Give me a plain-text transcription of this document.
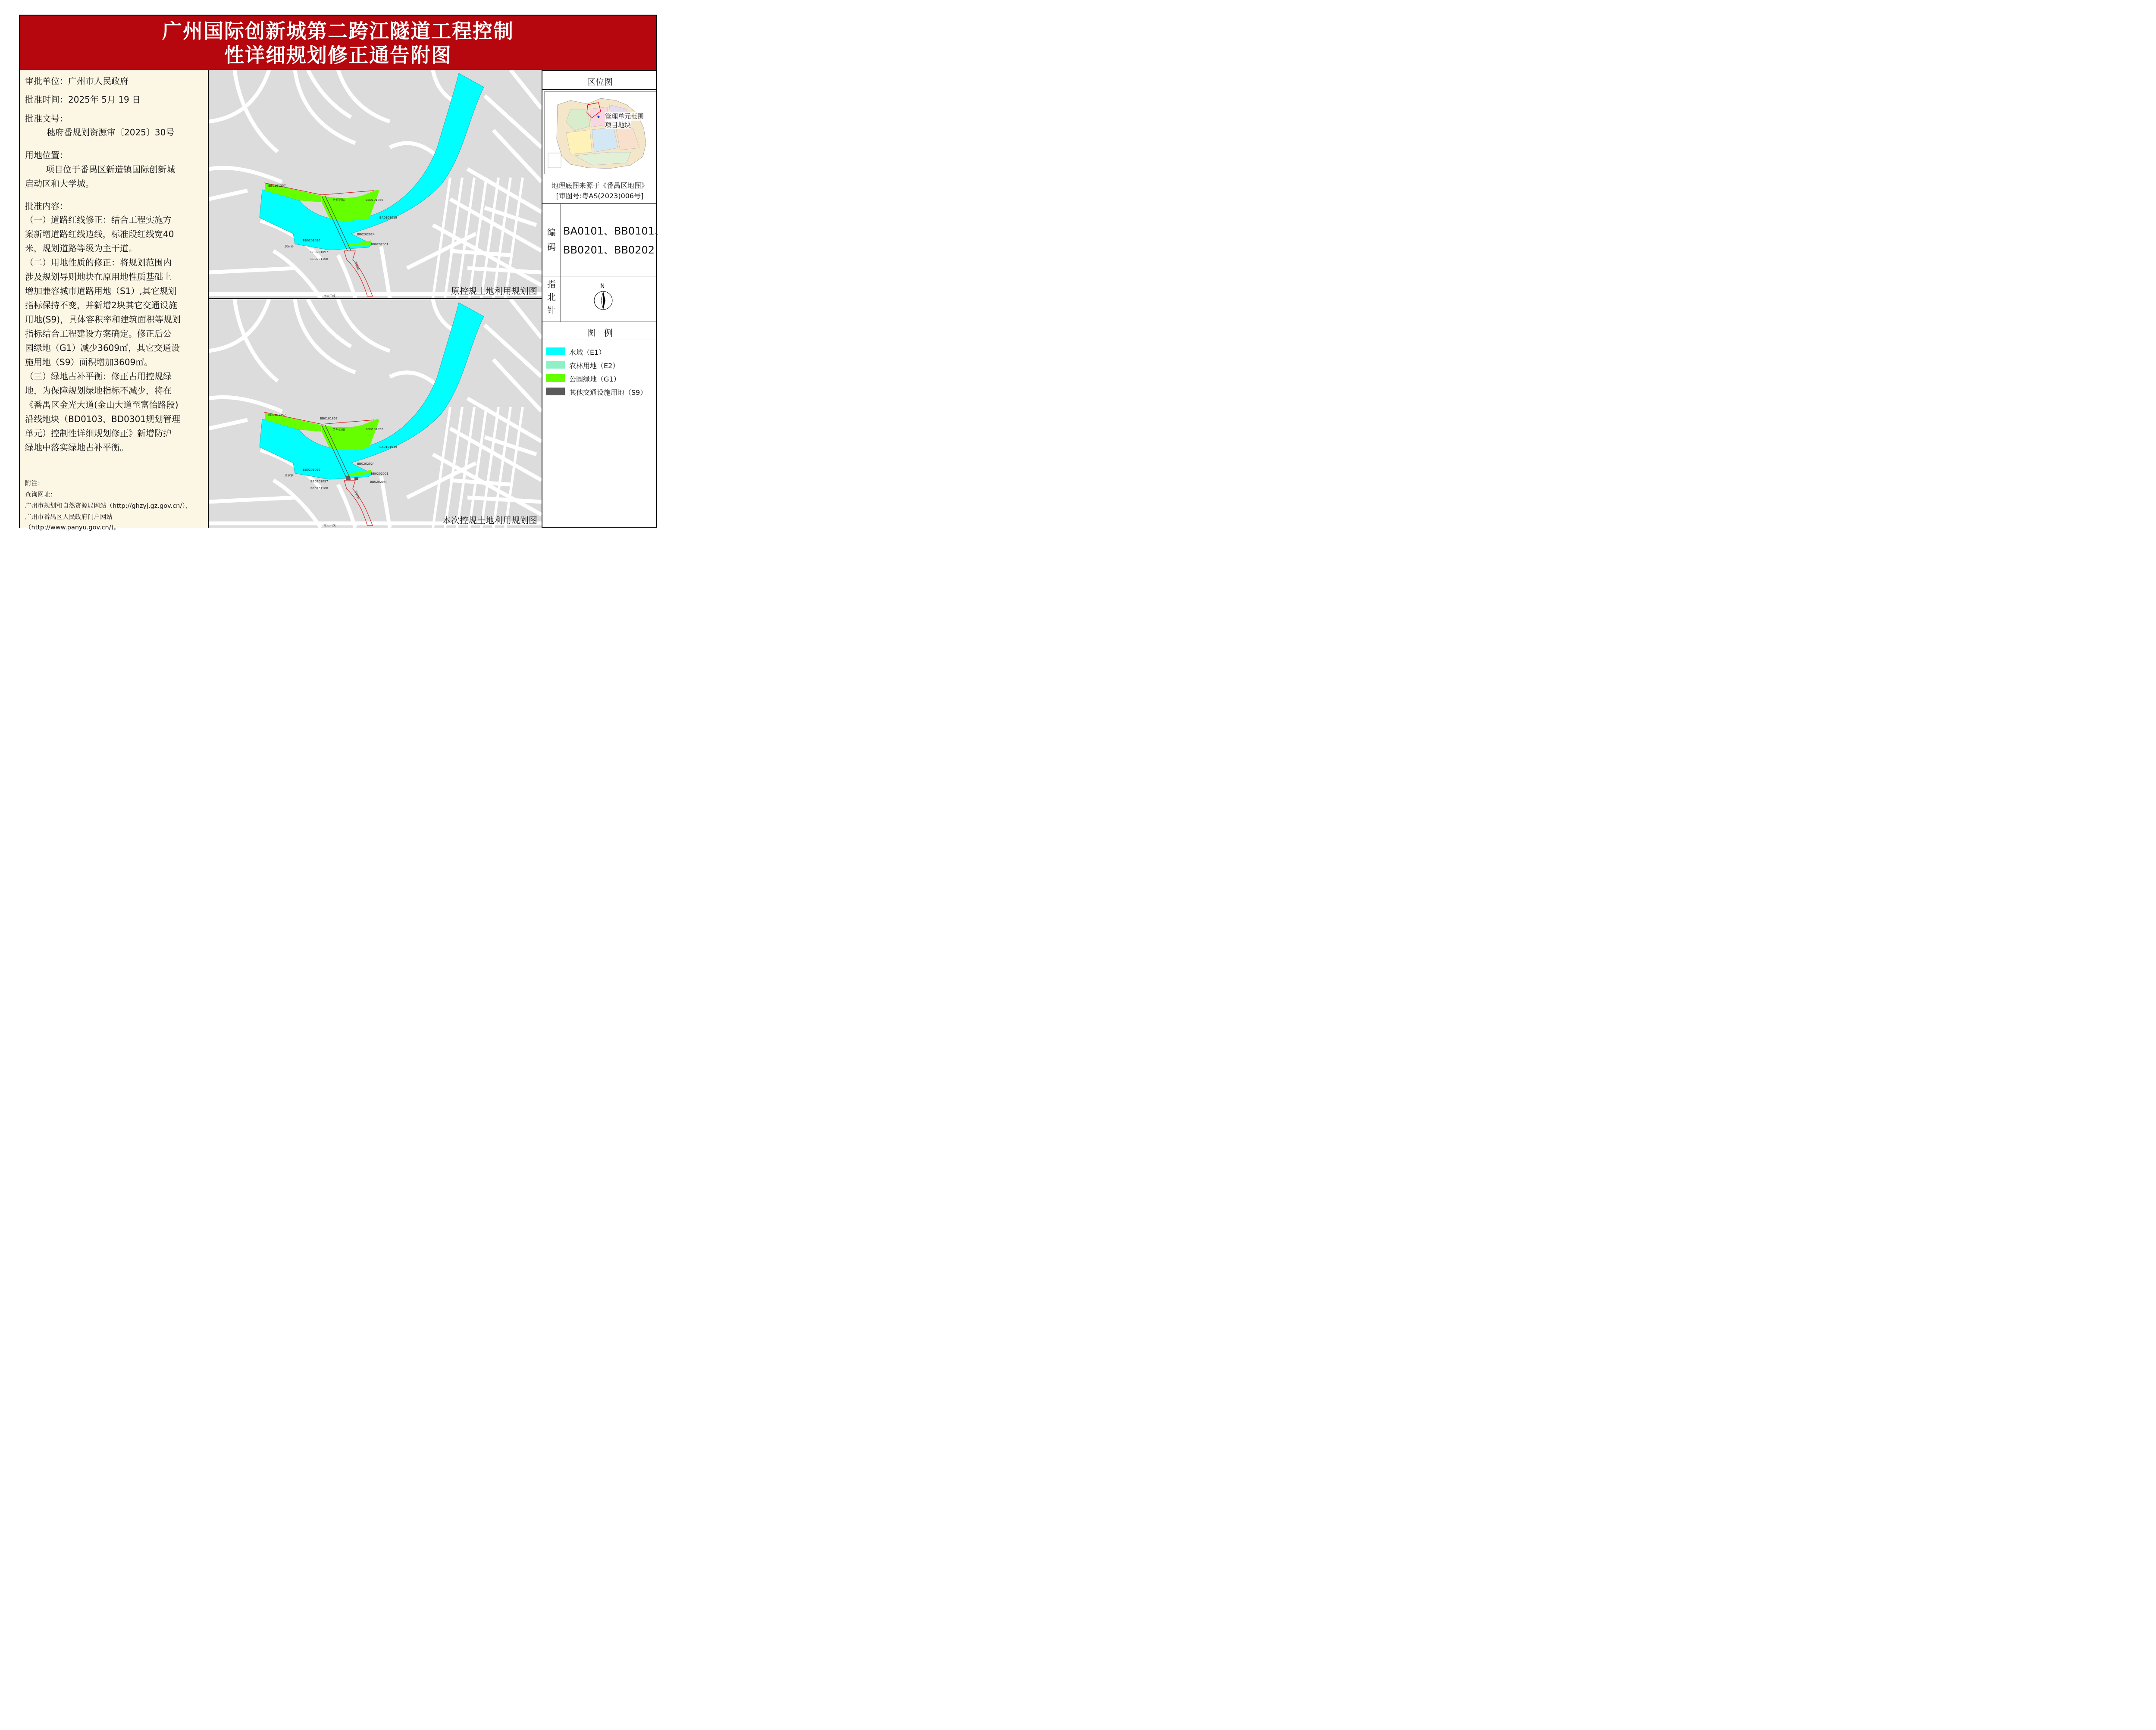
广州国际创新城第二跨江隧道工程控制
性详细规划修正通告附图
审批单位：广州市人民政府
批准时间：2025年 5月 19 日
批准文号：
穗府番规划资源审〔2025〕30号
用地位置：
项目位于番禺区新造镇国际创新城
启动区和大学城。
批准内容：
（一）道路红线修正：结合工程实施方
案新增道路红线边线，标准段红线宽40
米，规划道路等级为主干道。
（二）用地性质的修正：将规划范围内
涉及规划导则地块在原用地性质基础上
增加兼容城市道路用地（S1）,其它规划
指标保持不变，并新增2块其它交通设施
用地(S9)，具体容积率和建筑面积等规划
指标结合工程建设方案确定。修正后公
园绿地（G1）减少3609㎡，其它交通设
施用地（S9）面积增加3609㎡。
（三）绿地占补平衡：修正占用控规绿
地，为保障规划绿地指标不减少，将在
《番禺区金光大道(金山大道至富怡路段)
沿线地块（BD0103、BD0301规划管理
单元）控制性详细规划修正》新增防护
绿地中落实绿地占补平衡。
附注：
查询网址：
广州市规划和自然资源局网站（http://ghzyj.gz.gov.cn/），
广州市番禺区人民政府门户网站（http://www.panyu.gov.cn/)。
BB0101357
BB0101856
BA0101019
BB0202024
BB0201096
BB0202001
BB0201097
BB0201108
外环西路
滨河路
南大干线
市新路
原控规土地利用规划图
BB0101357
BB0101856
BA0101019
BB0202024
BB0201096
BB0202001
BB0201097
BB0201108
BB0101857
BB0202044
外环西路
滨河路
南大干线
市新路
本次控规土地利用规划图
区位图
管理单元范围
项目地块
地理底图来源于《番禺区地图》
[审图号:粤AS(2023)006号]
编码
BA0101、BB0101、
BB0201、BB0202
指北针
N
图　例
水域（E1）
农林用地（E2）
公园绿地（G1）
其他交通设施用地（S9）
